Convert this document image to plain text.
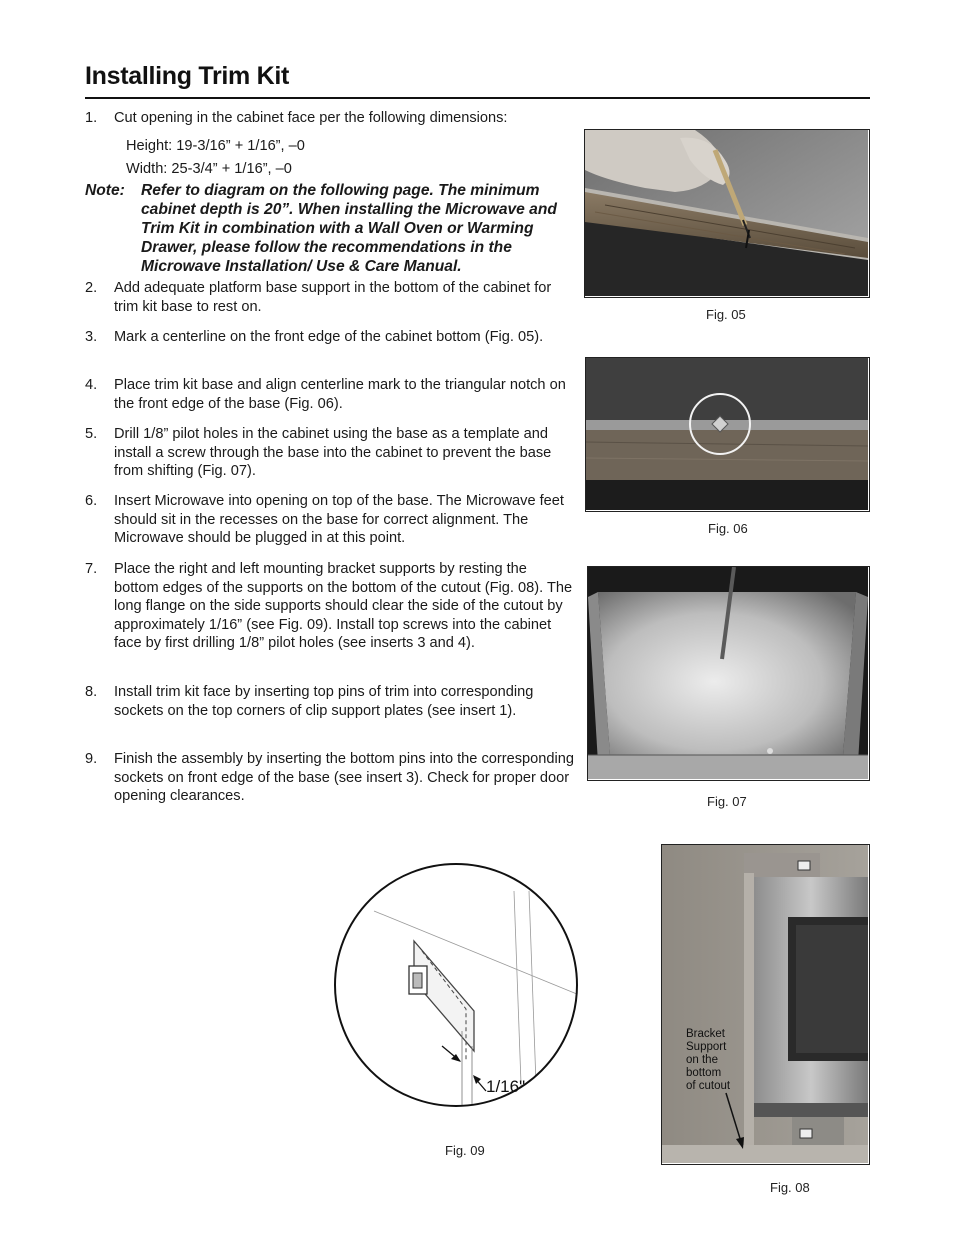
Installing Trim Kit
1.	Cut opening in the cabinet face per the following dimensions:
Height: 19-3/16” + 1/16”, –0
Width: 25-3/4” + 1/16”, –0
Note: Refer to diagram on the following page. The minimum cabinet depth is 20”. When installing the Microwave and Trim Kit in combination with a Wall Oven or Warming Drawer, please follow the recommendations in the Microwave Installation/ Use & Care Manual.
2.	Add adequate platform base support in the bottom of the cabinet for trim kit base to rest on.
3.	Mark a centerline on the front edge of the cabinet bottom (Fig. 05).
4.	Place trim kit base and align centerline mark to the triangular notch on the front edge of the base (Fig. 06).
5.	Drill 1/8” pilot holes in the cabinet using the base as a template and install a screw through the base into the cabinet to prevent the base from shifting (Fig. 07).
6.	Insert Microwave into opening on top of the base. The Microwave feet should sit in the recesses on the base for correct alignment. The Microwave should be plugged in at this point.
7.	Place the right and left mounting bracket supports by resting the bottom edges of the supports on the bottom of the cutout (Fig. 08). The long flange on the side supports should clear the side of the cutout by approximately 1/16” (see Fig. 09). Install top screws into the cabinet face by first drilling 1/8” pilot holes (see inserts 3 and 4).
8.	Install trim kit face by inserting top pins of trim into corresponding sockets on the top corners of clip support plates (see insert 1).
9.	Finish the assembly by inserting the bottom pins into the corresponding sockets on front edge of the base (see insert 3). Check for proper door opening clearances.
Fig. 05
Fig. 06
Fig. 07
1/16"
Fig. 09
Bracket Support on the bottom of cutout
Fig. 08
